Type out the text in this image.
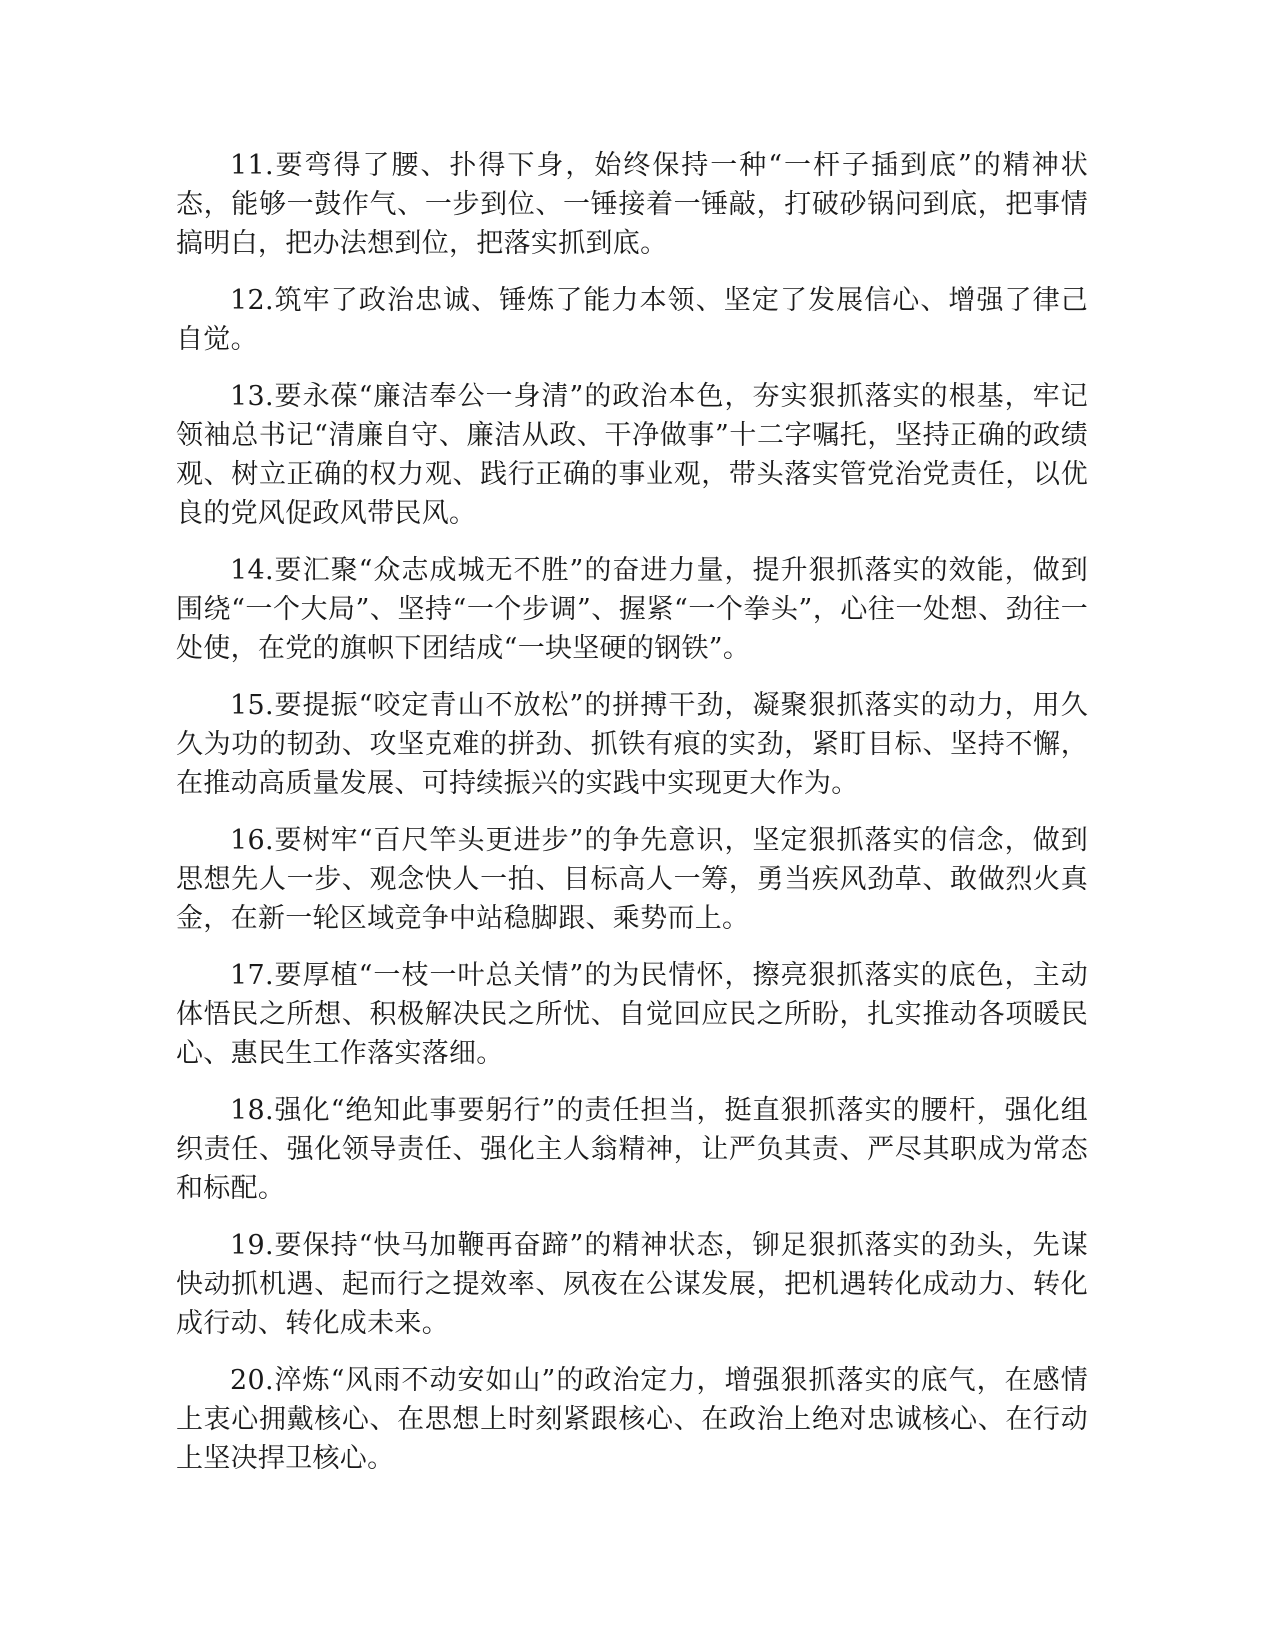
11.要弯得了腰、扑得下身，始终保持一种“一杆子插到底”的精神状态，能够一鼓作气、一步到位、一锤接着一锤敲，打破砂锅问到底，把事情搞明白，把办法想到位，把落实抓到底。

12.筑牢了政治忠诚、锤炼了能力本领、坚定了发展信心、增强了律己自觉。

13.要永葆“廉洁奉公一身清”的政治本色，夯实狠抓落实的根基，牢记领袖总书记“清廉自守、廉洁从政、干净做事”十二字嘱托，坚持正确的政绩观、树立正确的权力观、践行正确的事业观，带头落实管党治党责任，以优良的党风促政风带民风。

14.要汇聚“众志成城无不胜”的奋进力量，提升狠抓落实的效能，做到围绕“一个大局”、坚持“一个步调”、握紧“一个拳头”，心往一处想、劲往一处使，在党的旗帜下团结成“一块坚硬的钢铁”。

15.要提振“咬定青山不放松”的拼搏干劲，凝聚狠抓落实的动力，用久久为功的韧劲、攻坚克难的拼劲、抓铁有痕的实劲，紧盯目标、坚持不懈，在推动高质量发展、可持续振兴的实践中实现更大作为。

16.要树牢“百尺竿头更进步”的争先意识，坚定狠抓落实的信念，做到思想先人一步、观念快人一拍、目标高人一筹，勇当疾风劲草、敢做烈火真金，在新一轮区域竞争中站稳脚跟、乘势而上。

17.要厚植“一枝一叶总关情”的为民情怀，擦亮狠抓落实的底色，主动体悟民之所想、积极解决民之所忧、自觉回应民之所盼，扎实推动各项暖民心、惠民生工作落实落细。

18.强化“绝知此事要躬行”的责任担当，挺直狠抓落实的腰杆，强化组织责任、强化领导责任、强化主人翁精神，让严负其责、严尽其职成为常态和标配。

19.要保持“快马加鞭再奋蹄”的精神状态，铆足狠抓落实的劲头，先谋快动抓机遇、起而行之提效率、夙夜在公谋发展，把机遇转化成动力、转化成行动、转化成未来。

20.淬炼“风雨不动安如山”的政治定力，增强狠抓落实的底气，在感情上衷心拥戴核心、在思想上时刻紧跟核心、在政治上绝对忠诚核心、在行动上坚决捍卫核心。
